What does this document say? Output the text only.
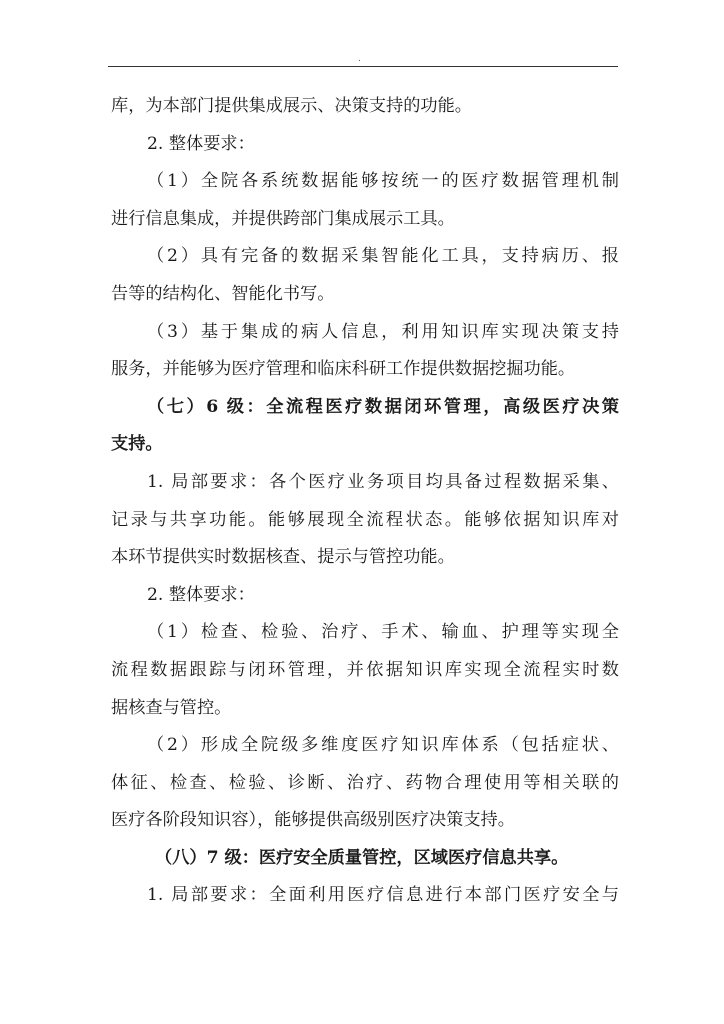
.
库，为本部门提供集成展示、决策支持的功能。
2. 整体要求：
（1）全院各系统数据能够按统一的医疗数据管理机制
进行信息集成，并提供跨部门集成展示工具。
（2）具有完备的数据采集智能化工具，支持病历、报
告等的结构化、智能化书写。
（3）基于集成的病人信息，利用知识库实现决策支持
服务，并能够为医疗管理和临床科研工作提供数据挖掘功能。
（七）6 级：全流程医疗数据闭环管理，高级医疗决策
支持。
1. 局部要求：各个医疗业务项目均具备过程数据采集、
记录与共享功能。能够展现全流程状态。能够依据知识库对
本环节提供实时数据核查、提示与管控功能。
2. 整体要求：
（1）检查、检验、治疗、手术、输血、护理等实现全
流程数据跟踪与闭环管理，并依据知识库实现全流程实时数
据核查与管控。
（2）形成全院级多维度医疗知识库体系（包括症状、
体征、检查、检验、诊断、治疗、药物合理使用等相关联的
医疗各阶段知识容），能够提供高级别医疗决策支持。
（八）7 级：医疗安全质量管控，区域医疗信息共享。
1. 局部要求：全面利用医疗信息进行本部门医疗安全与
